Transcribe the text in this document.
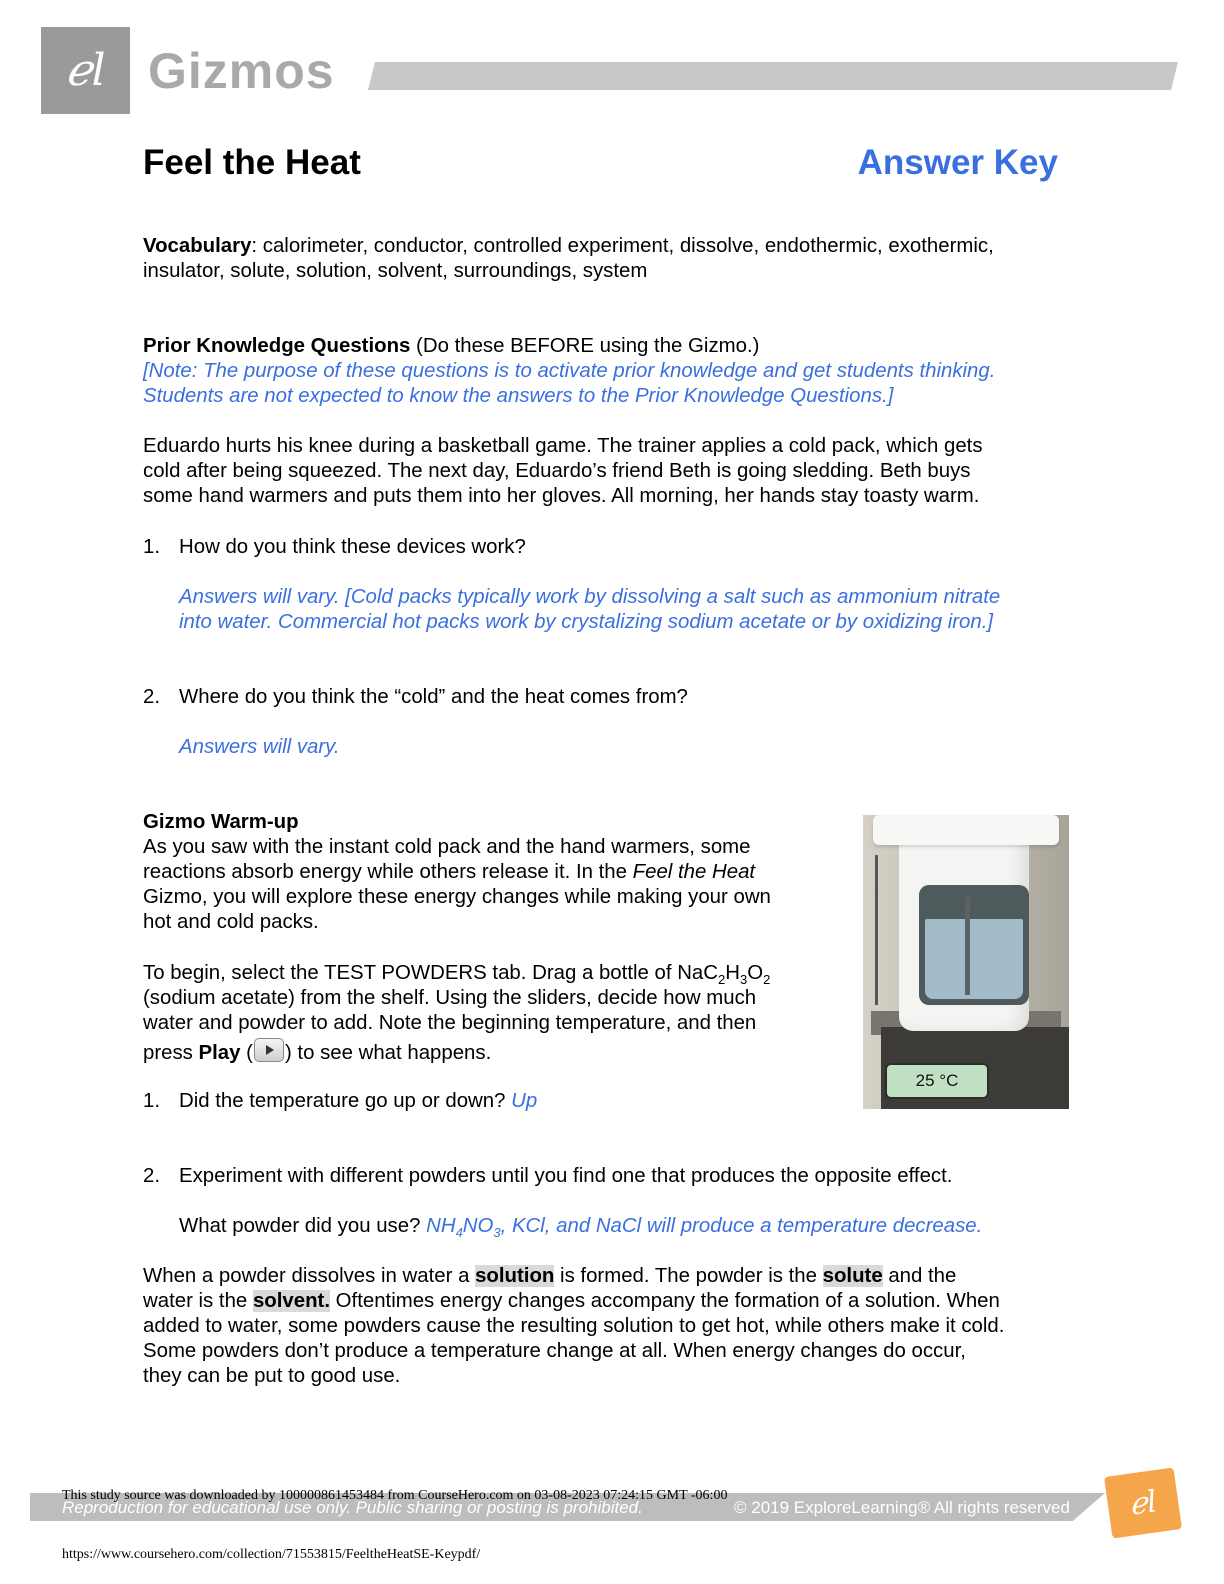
ℯl Gizmos
Feel the Heat	Answer Key
Vocabulary: calorimeter, conductor, controlled experiment, dissolve, endothermic, exothermic,
insulator, solute, solution, solvent, surroundings, system
Prior Knowledge Questions (Do these BEFORE using the Gizmo.)
[Note: The purpose of these questions is to activate prior knowledge and get students thinking.
Students are not expected to know the answers to the Prior Knowledge Questions.]
Eduardo hurts his knee during a basketball game. The trainer applies a cold pack, which gets
cold after being squeezed. The next day, Eduardo’s friend Beth is going sledding. Beth buys
some hand warmers and puts them into her gloves. All morning, her hands stay toasty warm.
1. How do you think these devices work?
Answers will vary. [Cold packs typically work by dissolving a salt such as ammonium nitrate
into water. Commercial hot packs work by crystalizing sodium acetate or by oxidizing iron.]
2. Where do you think the “cold” and the heat comes from?
Answers will vary.
Gizmo Warm-up
As you saw with the instant cold pack and the hand warmers, some
reactions absorb energy while others release it. In the Feel the Heat
Gizmo, you will explore these energy changes while making your own
hot and cold packs.
To begin, select the TEST POWDERS tab. Drag a bottle of $NaC_2H_3O_2$
(sodium acetate) from the shelf. Using the sliders, decide how much
water and powder to add. Note the beginning temperature, and then
press Play ( ) to see what happens.
1. Did the temperature go up or down? Up
2. Experiment with different powders until you find one that produces the opposite effect.
What powder did you use? $NH_4NO_3$, KCl, and NaCl will produce a temperature decrease.
25 °C
When a powder dissolves in water a solution is formed. The powder is the solute and the
water is the solvent. Oftentimes energy changes accompany the formation of a solution. When
added to water, some powders cause the resulting solution to get hot, while others make it cold.
Some powders don’t produce a temperature change at all. When energy changes do occur,
they can be put to good use.
Reproduction for educational use only. Public sharing or posting is prohibited.	© 2019 ExploreLearning® All rights reserved
This study source was downloaded by 100000861453484 from CourseHero.com on 03-08-2023 07:24:15 GMT -06:00	ℯl
https://www.coursehero.com/collection/71553815/FeeltheHeatSE-Keypdf/
